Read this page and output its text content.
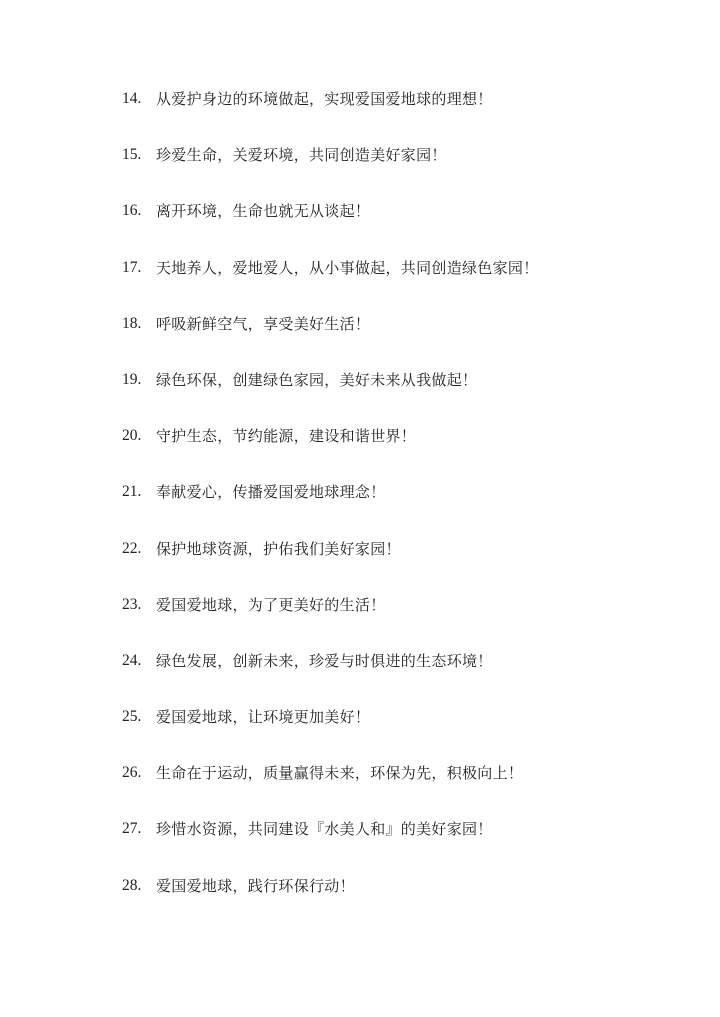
14. 从爱护身边的环境做起，实现爱国爱地球的理想！
15. 珍爱生命，关爱环境，共同创造美好家园！
16. 离开环境，生命也就无从谈起！
17. 天地养人，爱地爱人，从小事做起，共同创造绿色家园！
18. 呼吸新鲜空气，享受美好生活！
19. 绿色环保，创建绿色家园，美好未来从我做起！
20. 守护生态，节约能源，建设和谐世界！
21. 奉献爱心，传播爱国爱地球理念！
22. 保护地球资源，护佑我们美好家园！
23. 爱国爱地球，为了更美好的生活！
24. 绿色发展，创新未来，珍爱与时俱进的生态环境！
25. 爱国爱地球，让环境更加美好！
26. 生命在于运动，质量赢得未来，环保为先，积极向上！
27. 珍惜水资源，共同建设『水美人和』的美好家园！
28. 爱国爱地球，践行环保行动！
